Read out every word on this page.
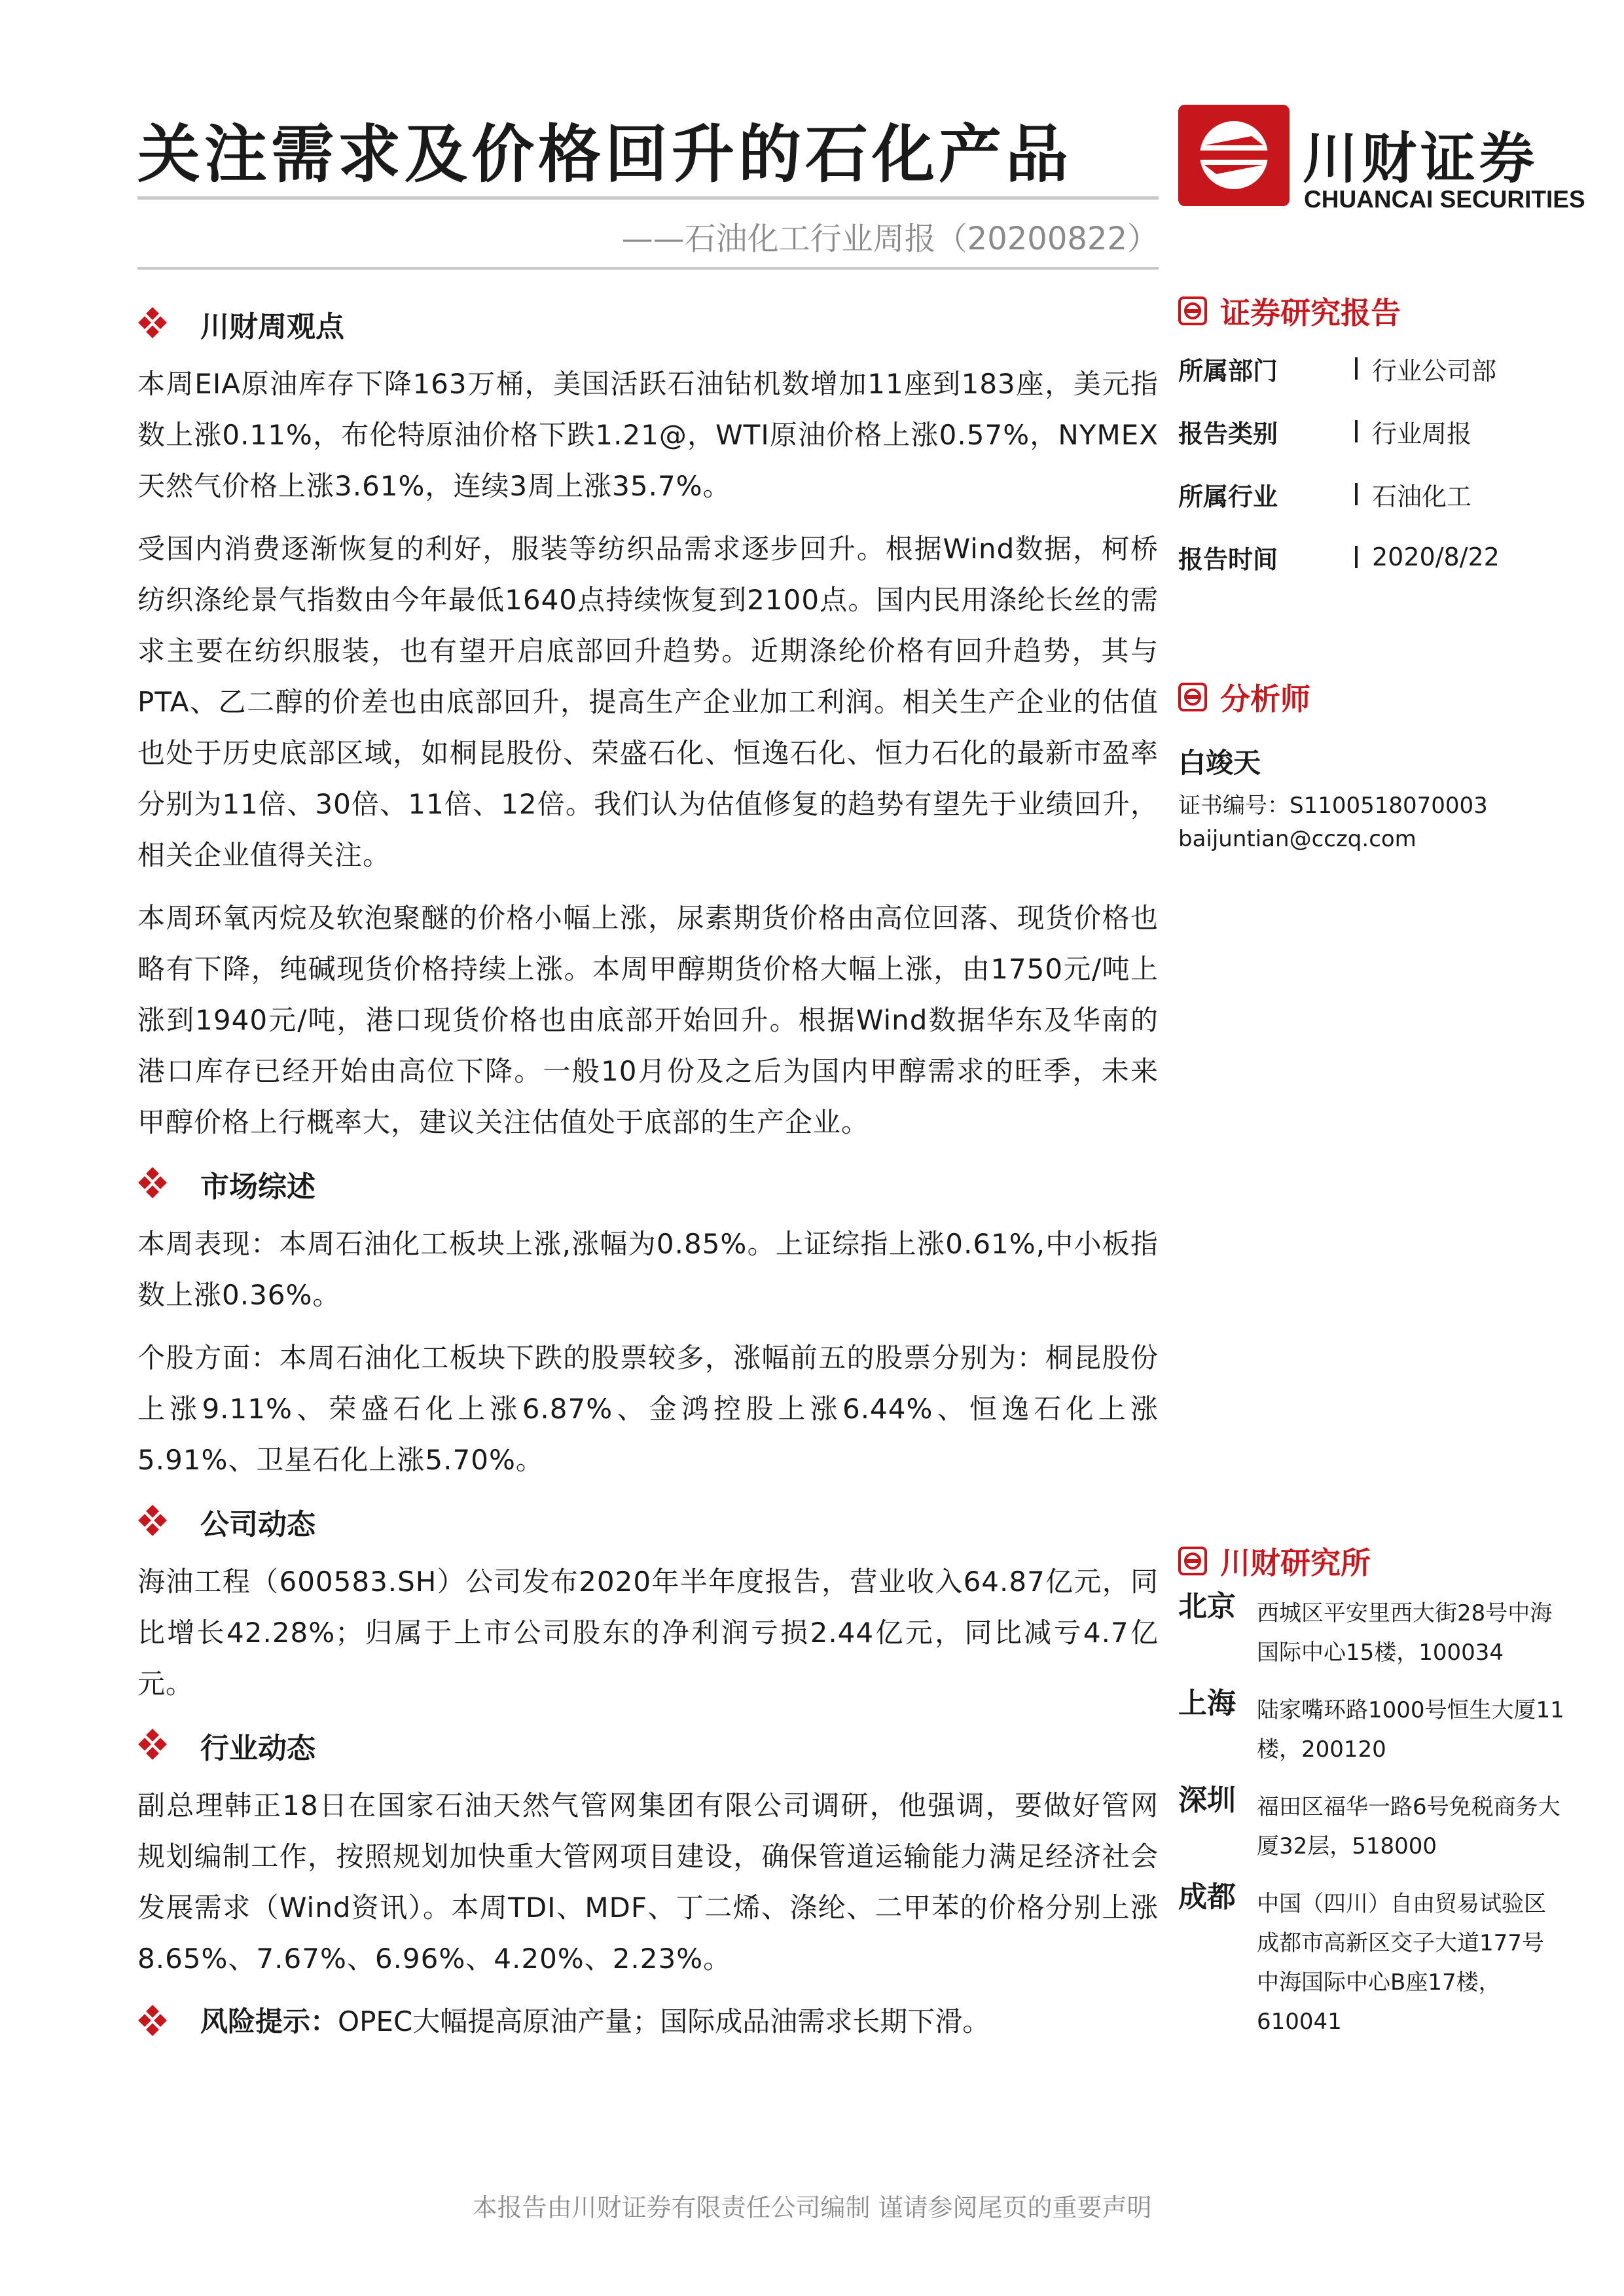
关注需求及价格回升的石化产品
——石油化工行业周报（20200822）
川财证券
CHUANCAI SECURITIES
川财周观点

本周EIA原油库存下降163万桶，美国活跃石油钻机数增加11座到183座，美元指数上涨0.11%，布伦特原油价格下跌1.21@，WTI原油价格上涨0.57%，NYMEX天然气价格上涨3.61%，连续3周上涨35.7%。

受国内消费逐渐恢复的利好，服装等纺织品需求逐步回升。根据Wind数据，柯桥纺织涤纶景气指数由今年最低1640点持续恢复到2100点。国内民用涤纶长丝的需求主要在纺织服装，也有望开启底部回升趋势。近期涤纶价格有回升趋势，其与PTA、乙二醇的价差也由底部回升，提高生产企业加工利润。相关生产企业的估值也处于历史底部区域，如桐昆股份、荣盛石化、恒逸石化、恒力石化的最新市盈率分别为11倍、30倍、11倍、12倍。我们认为估值修复的趋势有望先于业绩回升，相关企业值得关注。

本周环氧丙烷及软泡聚醚的价格小幅上涨，尿素期货价格由高位回落、现货价格也略有下降，纯碱现货价格持续上涨。本周甲醇期货价格大幅上涨，由1750元/吨上涨到1940元/吨，港口现货价格也由底部开始回升。根据Wind数据华东及华南的港口库存已经开始由高位下降。一般10月份及之后为国内甲醇需求的旺季，未来甲醇价格上行概率大，建议关注估值处于底部的生产企业。

市场综述

本周表现：本周石油化工板块上涨,涨幅为0.85%。上证综指上涨0.61%,中小板指数上涨0.36%。

个股方面：本周石油化工板块下跌的股票较多，涨幅前五的股票分别为：桐昆股份上涨9.11%、荣盛石化上涨6.87%、金鸿控股上涨6.44%、恒逸石化上涨5.91%、卫星石化上涨5.70%。

公司动态

海油工程（600583.SH）公司发布2020年半年度报告，营业收入64.87亿元，同比增长42.28%；归属于上市公司股东的净利润亏损2.44亿元，同比减亏4.7亿元。

行业动态

副总理韩正18日在国家石油天然气管网集团有限公司调研，他强调，要做好管网规划编制工作，按照规划加快重大管网项目建设，确保管道运输能力满足经济社会发展需求（Wind资讯）。本周TDI、MDF、丁二烯、涤纶、二甲苯的价格分别上涨8.65%、7.67%、6.96%、4.20%、2.23%。

风险提示： OPEC大幅提高原油产量；国际成品油需求长期下滑。
证券研究报告
所属部门	行业公司部
报告类别	行业周报
所属行业	石油化工
报告时间	2020/8/22
分析师
白竣天
证书编号：S1100518070003
baijuntian@cczq.com
川财研究所
北京 西城区平安里西大街28号中海国际中心15楼，100034
上海 陆家嘴环路1000号恒生大厦11楼，200120
深圳 福田区福华一路6号免税商务大厦32层，518000
成都 中国（四川）自由贸易试验区成都市高新区交子大道177号中海国际中心B座17楼，610041
本报告由川财证券有限责任公司编制 谨请参阅尾页的重要声明
